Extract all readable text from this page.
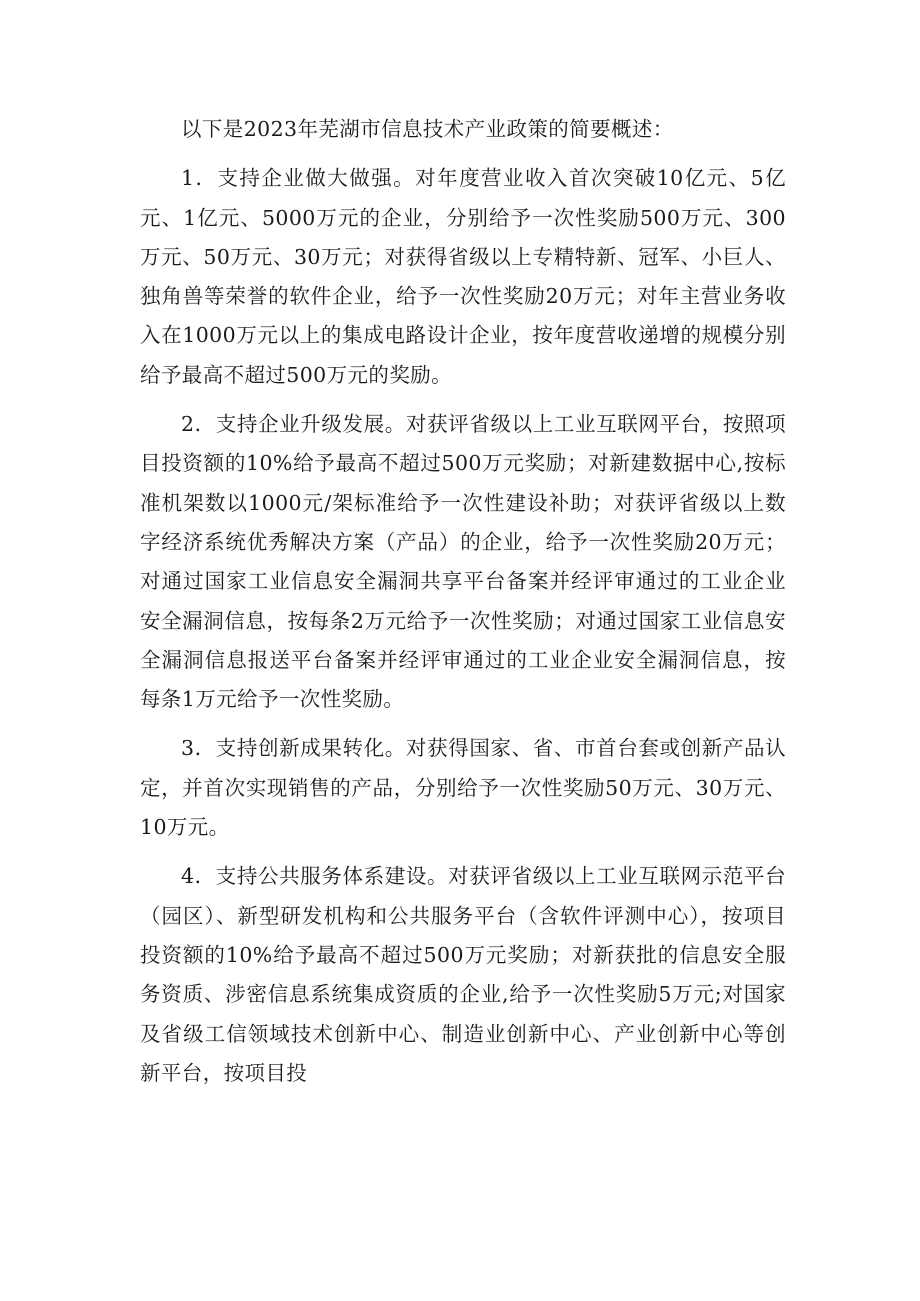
以下是2023年芜湖市信息技术产业政策的简要概述：

1．支持企业做大做强。对年度营业收入首次突破10亿元、5亿元、1亿元、5000万元的企业，分别给予一次性奖励500万元、300万元、50万元、30万元；对获得省级以上专精特新、冠军、小巨人、独角兽等荣誉的软件企业，给予一次性奖励20万元；对年主营业务收入在1000万元以上的集成电路设计企业，按年度营收递增的规模分别给予最高不超过500万元的奖励。

2．支持企业升级发展。对获评省级以上工业互联网平台，按照项目投资额的10%给予最高不超过500万元奖励；对新建数据中心,按标准机架数以1000元/架标准给予一次性建设补助；对获评省级以上数字经济系统优秀解决方案（产品）的企业，给予一次性奖励20万元；对通过国家工业信息安全漏洞共享平台备案并经评审通过的工业企业安全漏洞信息，按每条2万元给予一次性奖励；对通过国家工业信息安全漏洞信息报送平台备案并经评审通过的工业企业安全漏洞信息，按每条1万元给予一次性奖励。

3．支持创新成果转化。对获得国家、省、市首台套或创新产品认定，并首次实现销售的产品，分别给予一次性奖励50万元、30万元、10万元。

4．支持公共服务体系建设。对获评省级以上工业互联网示范平台（园区）、新型研发机构和公共服务平台（含软件评测中心），按项目投资额的10%给予最高不超过500万元奖励；对新获批的信息安全服务资质、涉密信息系统集成资质的企业,给予一次性奖励5万元;对国家及省级工信领域技术创新中心、制造业创新中心、产业创新中心等创新平台，按项目投
